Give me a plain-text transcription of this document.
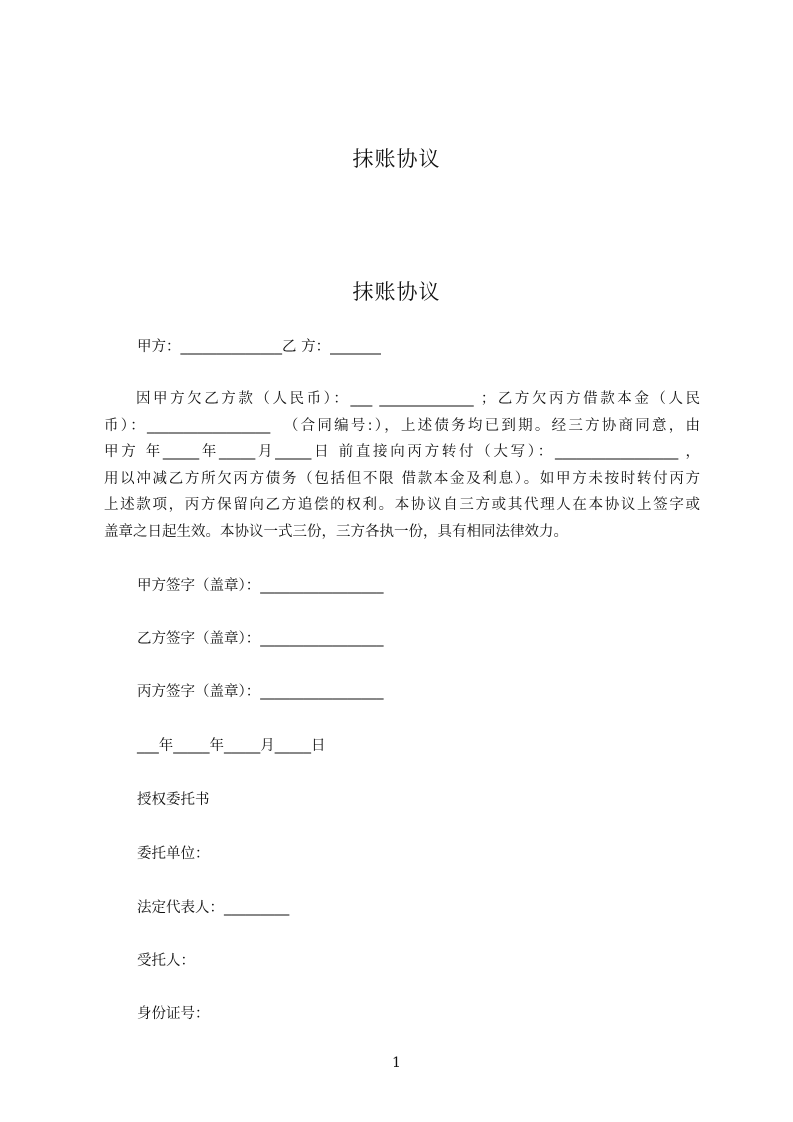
抹账协议
抹账协议
甲方：______________乙 方：_______
因甲方欠乙方款（人民币）：___ _____________ ；乙方欠丙方借款本金（人民
币）：_________________  （合同编号:），上述债务均已到期。经三方协商同意，由
甲方 年_____年_____月_____日 前直接向丙方转付（大写）：_________________ ，
用以冲减乙方所欠丙方债务（包括但不限 借款本金及利息）。如甲方未按时转付丙方
上述款项，丙方保留向乙方追偿的权利。本协议自三方或其代理人在本协议上签字或
盖章之日起生效。本协议一式三份，三方各执一份，具有相同法律效力。
甲方签字（盖章）：_________________
乙方签字（盖章）：_________________
丙方签字（盖章）：_________________
___年_____年_____月_____日
授权委托书
委托单位：
法定代表人：_________
受托人：
身份证号：
1
